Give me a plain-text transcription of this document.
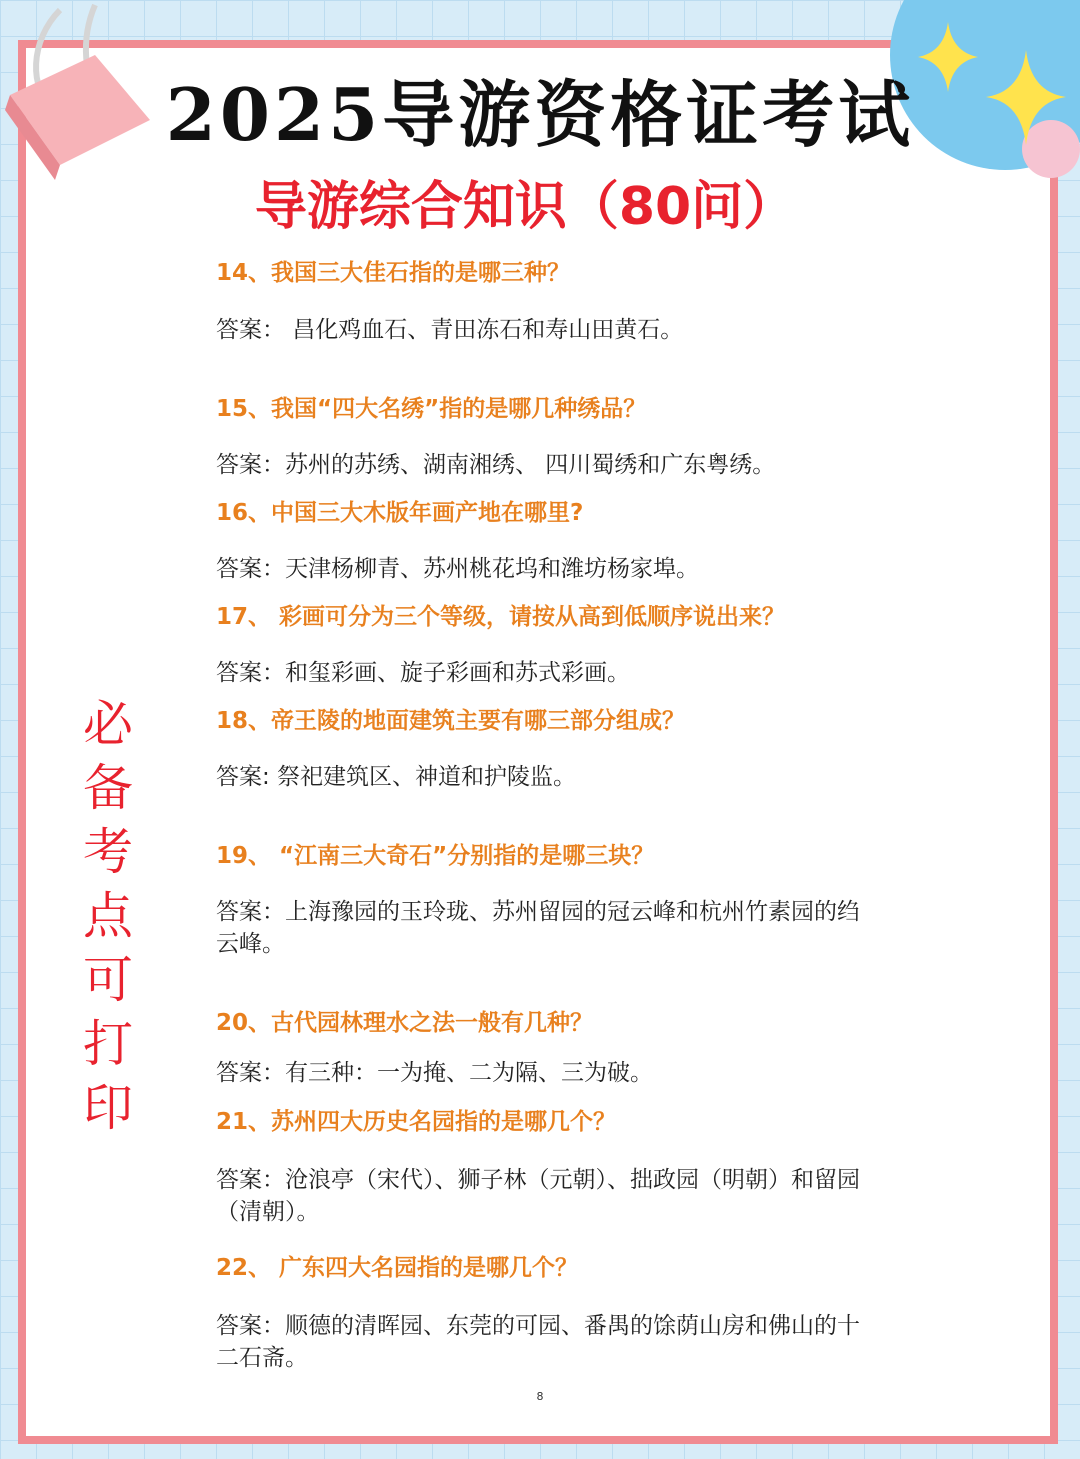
2025导游资格证考试
导游综合知识（80问）
必
备
考
点
可
打
印

14、我国三大佳石指的是哪三种？

答案： 昌化鸡血石、青田冻石和寿山田黄石。

15、我国“四大名绣”指的是哪几种绣品？

答案：苏州的苏绣、湖南湘绣、 四川蜀绣和广东粤绣。

16、中国三大木版年画产地在哪里?

答案：天津杨柳青、苏州桃花坞和潍坊杨家埠。

17、 彩画可分为三个等级，请按从高到低顺序说出来？

答案：和玺彩画、旋子彩画和苏式彩画。

18、帝王陵的地面建筑主要有哪三部分组成？

答案: 祭祀建筑区、神道和护陵监。

19、 “江南三大奇石”分别指的是哪三块？

答案：上海豫园的玉玲珑、苏州留园的冠云峰和杭州竹素园的绉云峰。

20、古代园林理水之法一般有几种？

答案：有三种：一为掩、二为隔、三为破。

21、苏州四大历史名园指的是哪几个？

答案：沧浪亭（宋代）、狮子林（元朝）、拙政园（明朝）和留园（清朝）。

22、 广东四大名园指的是哪几个？

答案：顺德的清晖园、东莞的可园、番禺的馀荫山房和佛山的十二石斋。

8
